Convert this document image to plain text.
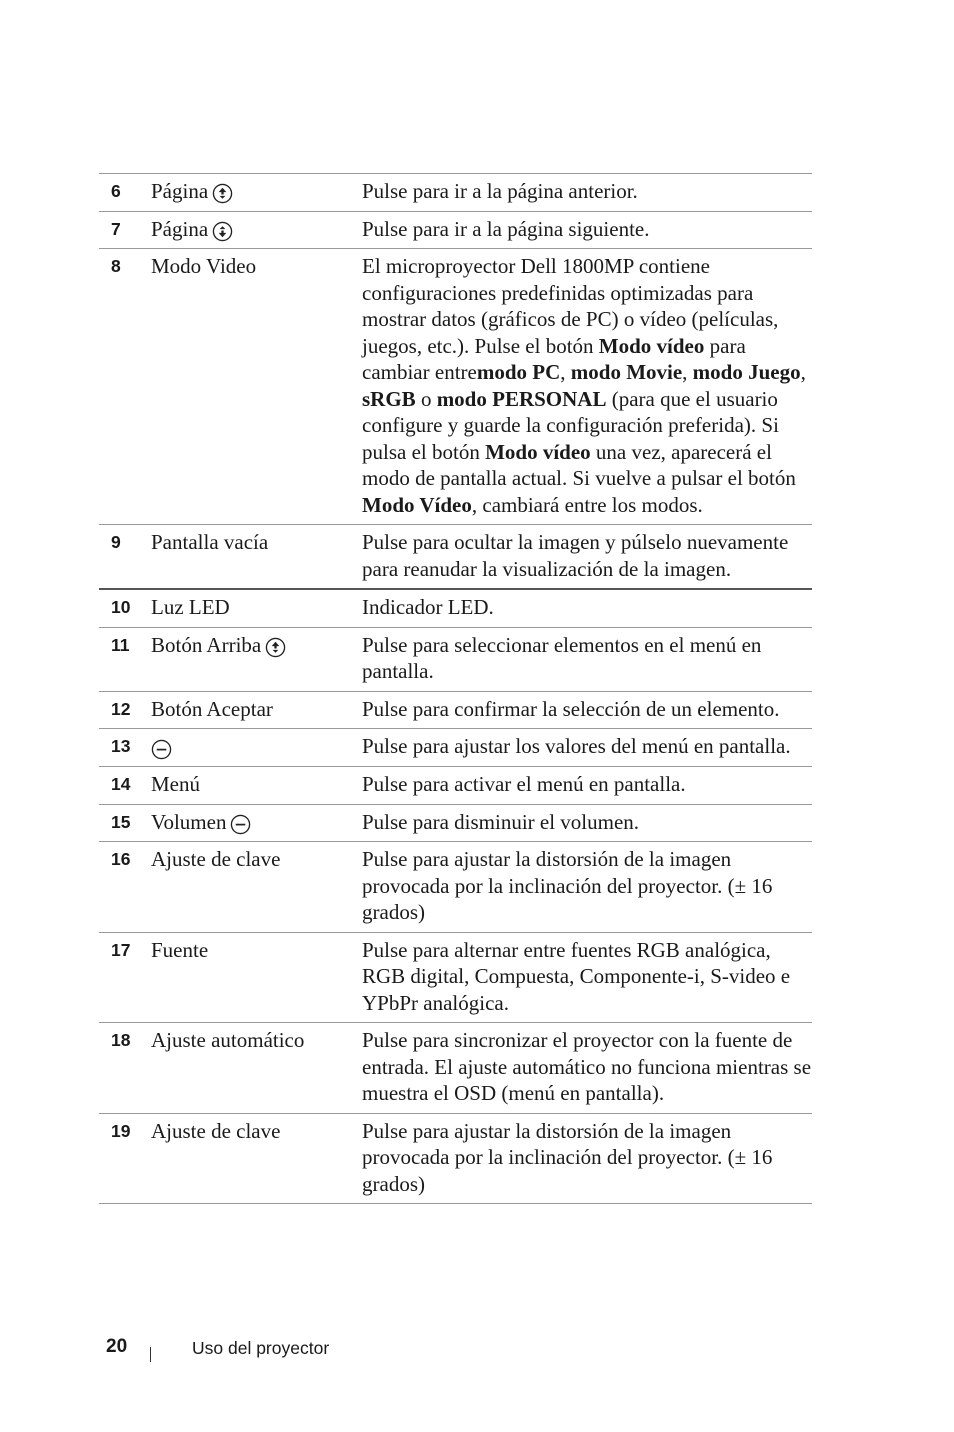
6	Página	Pulse para ir a la página anterior.
7	Página	Pulse para ir a la página siguiente.
8	Modo Video	El microproyector Dell 1800MP contiene configuraciones predefinidas optimizadas para mostrar datos (gráficos de PC) o vídeo (películas, juegos, etc.). Pulse el botón Modo vídeo para cambiar entremodo PC, modo Movie, modo Juego, sRGB o modo PERSONAL (para que el usuario configure y guarde la configuración preferida). Si pulsa el botón Modo vídeo una vez, aparecerá el modo de pantalla actual. Si vuelve a pulsar el botón Modo Vídeo, cambiará entre los modos.
9	Pantalla vacía	Pulse para ocultar la imagen y púlselo nuevamente para reanudar la visualización de la imagen.
10	Luz LED	Indicador LED.
11	Botón Arriba	Pulse para seleccionar elementos en el menú en pantalla.
12	Botón Aceptar	Pulse para confirmar la selección de un elemento.
13		Pulse para ajustar los valores del menú en pantalla.
14	Menú	Pulse para activar el menú en pantalla.
15	Volumen	Pulse para disminuir el volumen.
16	Ajuste de clave	Pulse para ajustar la distorsión de la imagen provocada por la inclinación del proyector. (± 16 grados)
17	Fuente	Pulse para alternar entre fuentes RGB analógica, RGB digital, Compuesta, Componente-i, S-video e YPbPr analógica.
18	Ajuste automático	Pulse para sincronizar el proyector con la fuente de entrada. El ajuste automático no funciona mientras se muestra el OSD (menú en pantalla).
19	Ajuste de clave	Pulse para ajustar la distorsión de la imagen provocada por la inclinación del proyector. (± 16 grados)
20	Uso del proyector
